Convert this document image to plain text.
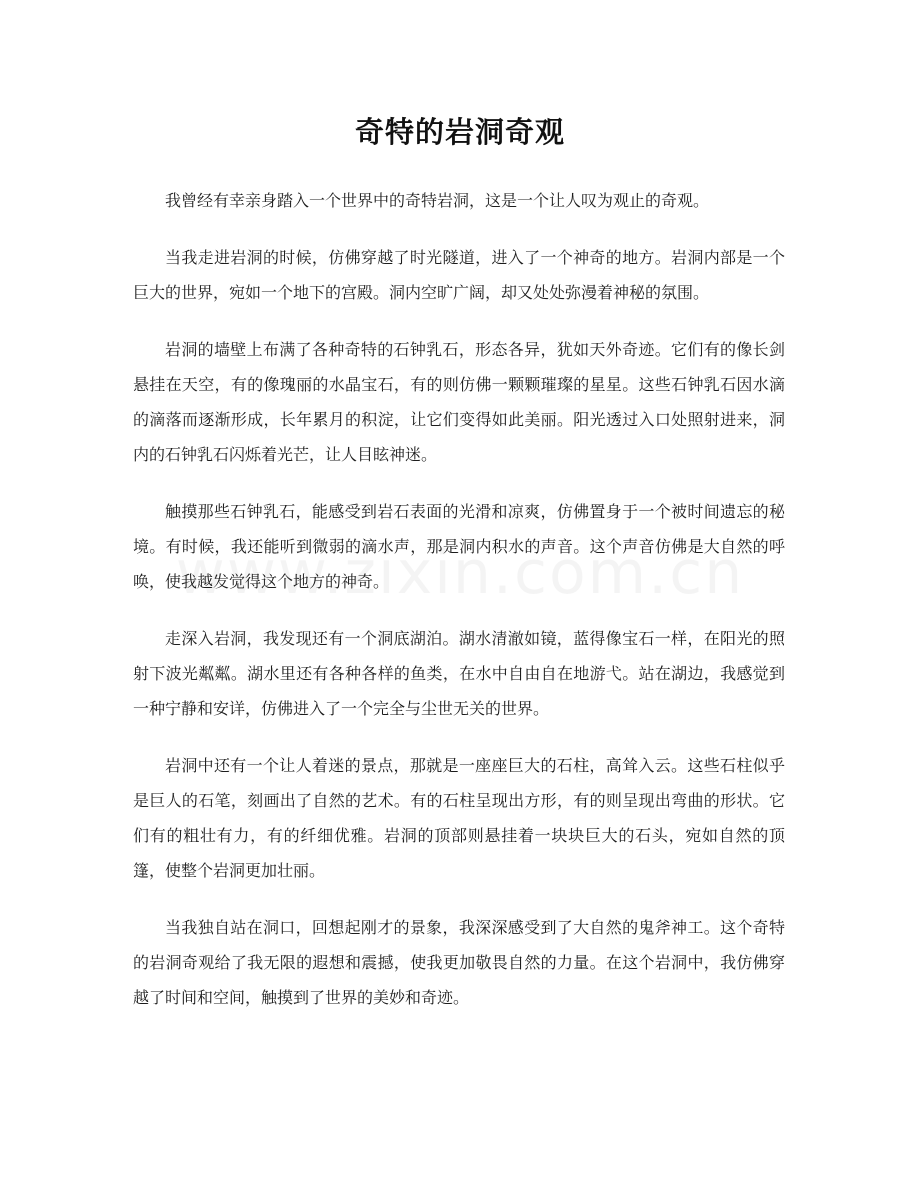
奇特的岩洞奇观

我曾经有幸亲身踏入一个世界中的奇特岩洞，这是一个让人叹为观止的奇观。

当我走进岩洞的时候，仿佛穿越了时光隧道，进入了一个神奇的地方。岩洞内部是一个巨大的世界，宛如一个地下的宫殿。洞内空旷广阔，却又处处弥漫着神秘的氛围。

岩洞的墙壁上布满了各种奇特的石钟乳石，形态各异，犹如天外奇迹。它们有的像长剑悬挂在天空，有的像瑰丽的水晶宝石，有的则仿佛一颗颗璀璨的星星。这些石钟乳石因水滴的滴落而逐渐形成，长年累月的积淀，让它们变得如此美丽。阳光透过入口处照射进来，洞内的石钟乳石闪烁着光芒，让人目眩神迷。

触摸那些石钟乳石，能感受到岩石表面的光滑和凉爽，仿佛置身于一个被时间遗忘的秘境。有时候，我还能听到微弱的滴水声，那是洞内积水的声音。这个声音仿佛是大自然的呼唤，使我越发觉得这个地方的神奇。

走深入岩洞，我发现还有一个洞底湖泊。湖水清澈如镜，蓝得像宝石一样，在阳光的照射下波光粼粼。湖水里还有各种各样的鱼类，在水中自由自在地游弋。站在湖边，我感觉到一种宁静和安详，仿佛进入了一个完全与尘世无关的世界。

岩洞中还有一个让人着迷的景点，那就是一座座巨大的石柱，高耸入云。这些石柱似乎是巨人的石笔，刻画出了自然的艺术。有的石柱呈现出方形，有的则呈现出弯曲的形状。它们有的粗壮有力，有的纤细优雅。岩洞的顶部则悬挂着一块块巨大的石头，宛如自然的顶篷，使整个岩洞更加壮丽。

当我独自站在洞口，回想起刚才的景象，我深深感受到了大自然的鬼斧神工。这个奇特的岩洞奇观给了我无限的遐想和震撼，使我更加敬畏自然的力量。在这个岩洞中，我仿佛穿越了时间和空间，触摸到了世界的美妙和奇迹。
